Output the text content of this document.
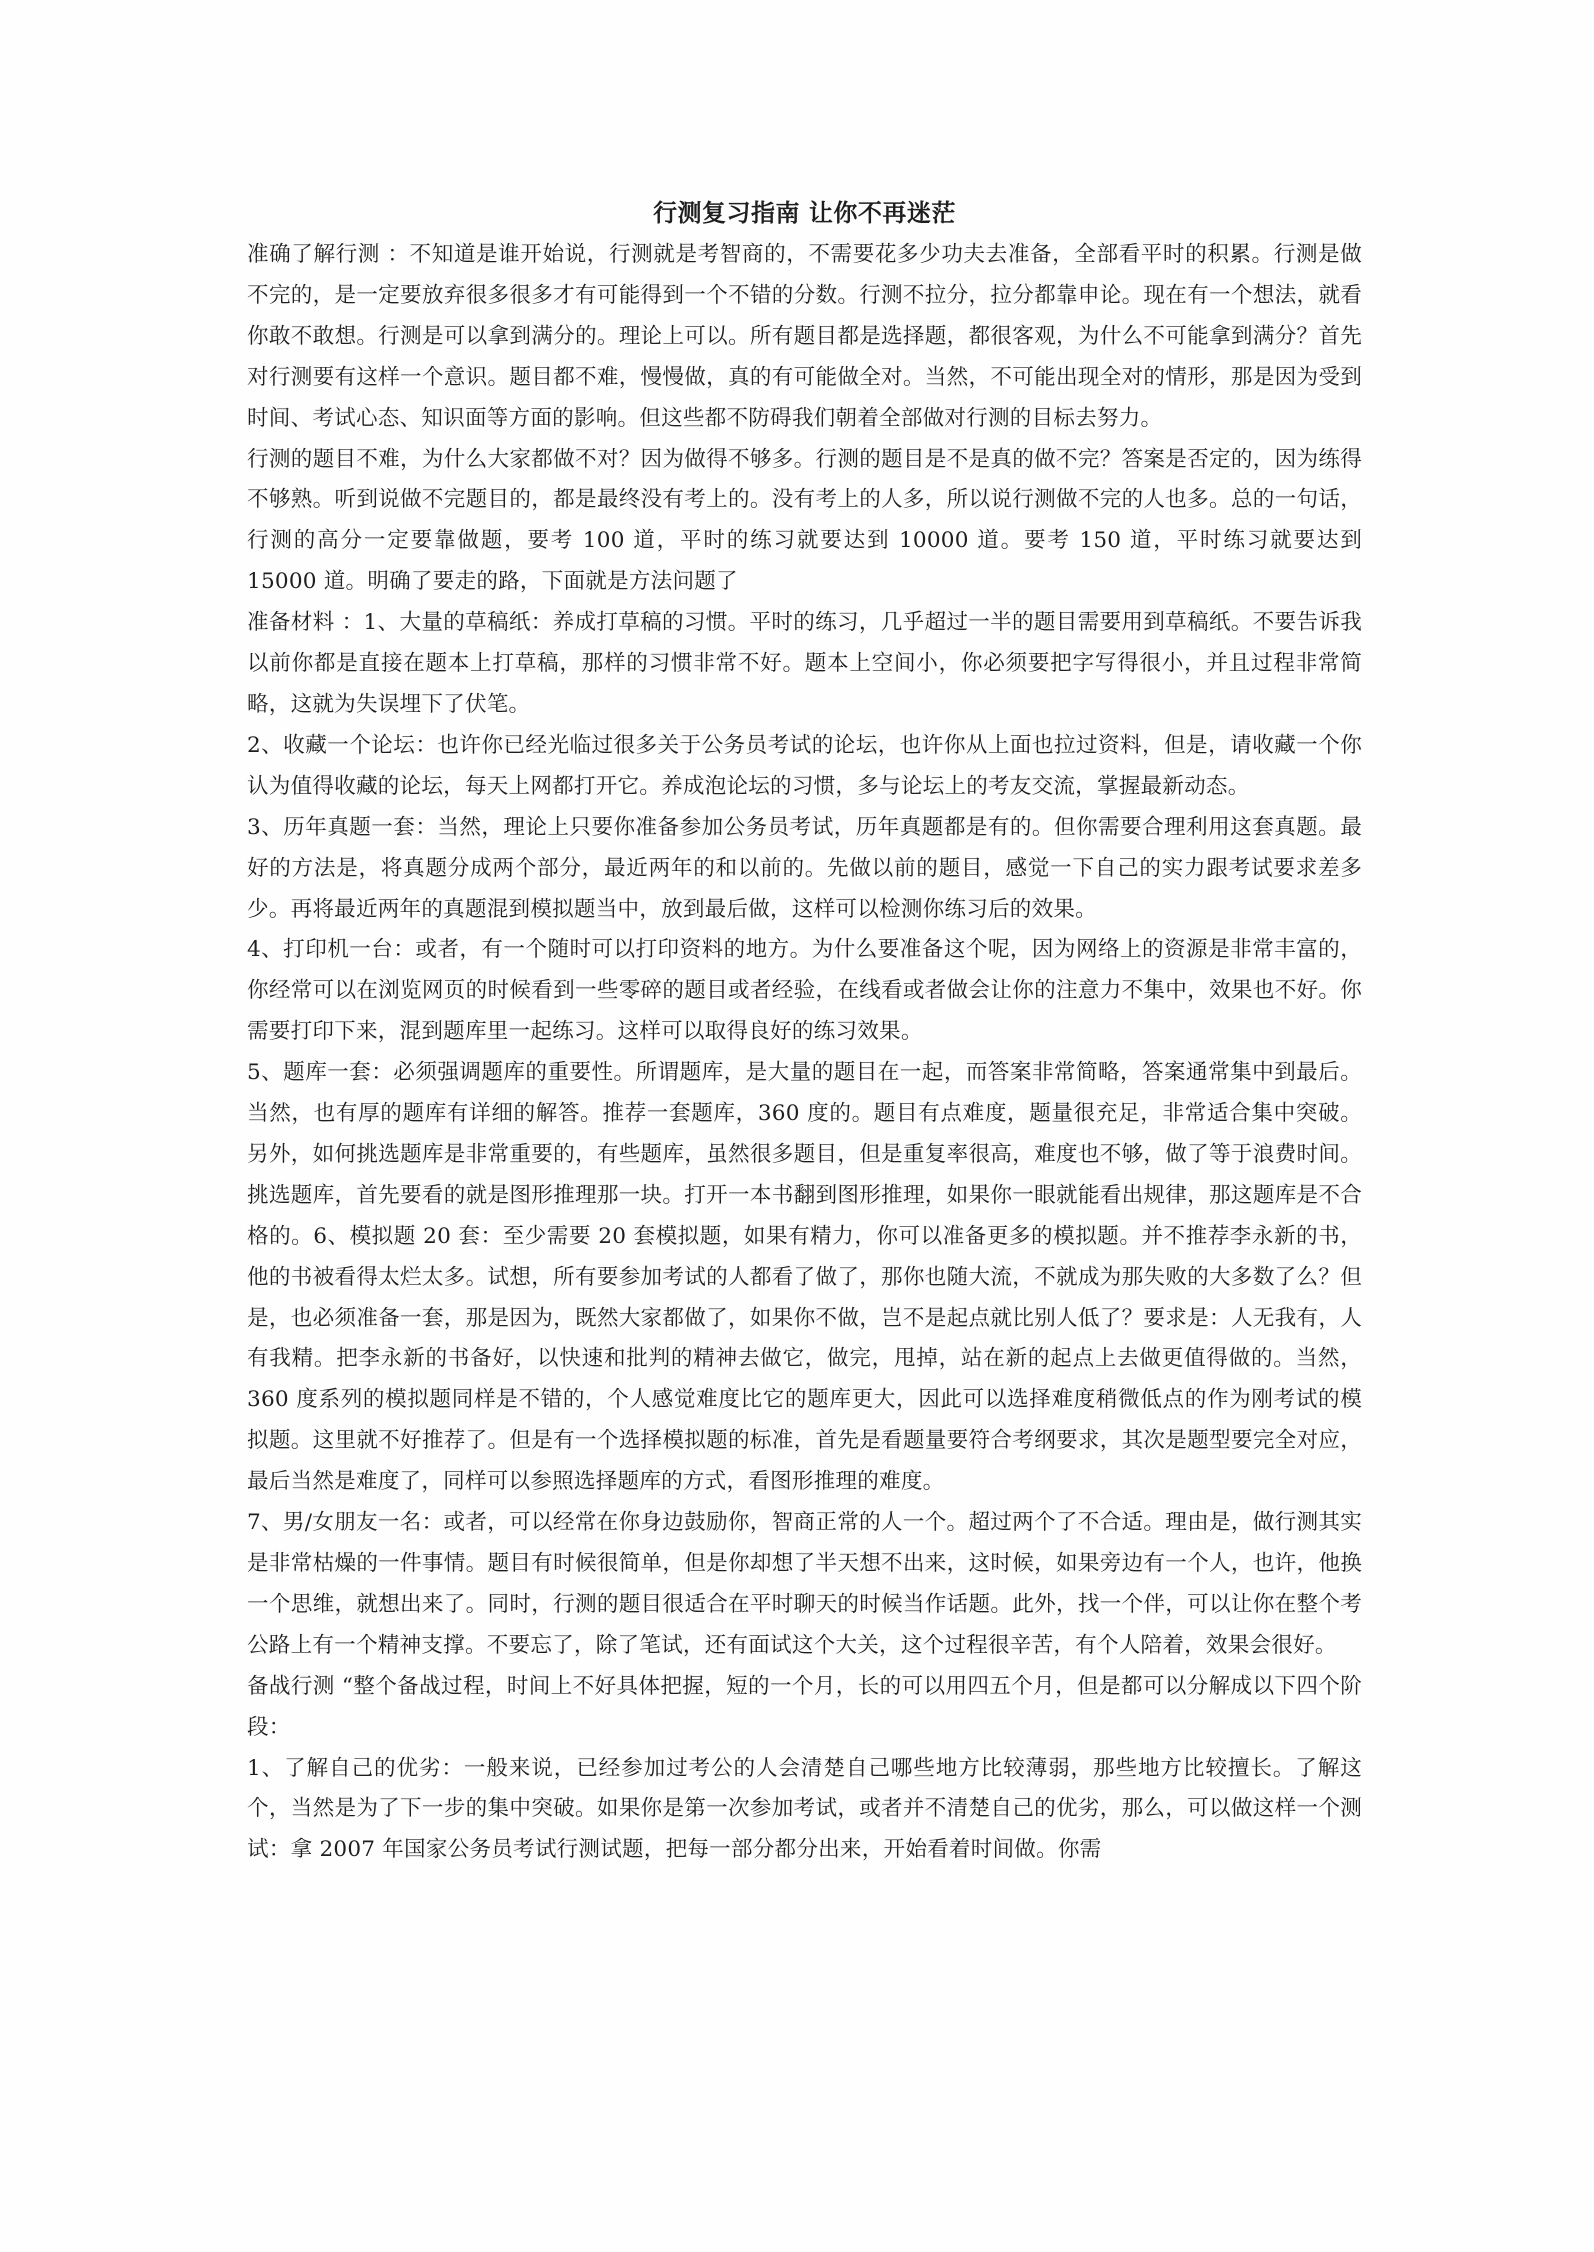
行测复习指南 让你不再迷茫

准确了解行测 ：不知道是谁开始说，行测就是考智商的，不需要花多少功夫去准备，全部看平时的积累。行测是做不完的，是一定要放弃很多很多才有可能得到一个不错的分数。行测不拉分，拉分都靠申论。现在有一个想法，就看你敢不敢想。行测是可以拿到满分的。理论上可以。所有题目都是选择题，都很客观，为什么不可能拿到满分？首先对行测要有这样一个意识。题目都不难，慢慢做，真的有可能做全对。当然，不可能出现全对的情形，那是因为受到时间、考试心态、知识面等方面的影响。但这些都不防碍我们朝着全部做对行测的目标去努力。

行测的题目不难，为什么大家都做不对？因为做得不够多。行测的题目是不是真的做不完？答案是否定的，因为练得不够熟。听到说做不完题目的，都是最终没有考上的。没有考上的人多，所以说行测做不完的人也多。总的一句话，行测的高分一定要靠做题，要考 100 道，平时的练习就要达到 10000 道。要考 150 道，平时练习就要达到 15000 道。明确了要走的路，下面就是方法问题了

准备材料 ：1、大量的草稿纸：养成打草稿的习惯。平时的练习，几乎超过一半的题目需要用到草稿纸。不要告诉我以前你都是直接在题本上打草稿，那样的习惯非常不好。题本上空间小，你必须要把字写得很小，并且过程非常简略，这就为失误埋下了伏笔。

2、收藏一个论坛：也许你已经光临过很多关于公务员考试的论坛，也许你从上面也拉过资料，但是，请收藏一个你认为值得收藏的论坛，每天上网都打开它。养成泡论坛的习惯，多与论坛上的考友交流，掌握最新动态。

3、历年真题一套：当然，理论上只要你准备参加公务员考试，历年真题都是有的。但你需要合理利用这套真题。最好的方法是，将真题分成两个部分，最近两年的和以前的。先做以前的题目，感觉一下自己的实力跟考试要求差多少。再将最近两年的真题混到模拟题当中，放到最后做，这样可以检测你练习后的效果。

4、打印机一台：或者，有一个随时可以打印资料的地方。为什么要准备这个呢，因为网络上的资源是非常丰富的，你经常可以在浏览网页的时候看到一些零碎的题目或者经验，在线看或者做会让你的注意力不集中，效果也不好。你需要打印下来，混到题库里一起练习。这样可以取得良好的练习效果。

5、题库一套：必须强调题库的重要性。所谓题库，是大量的题目在一起，而答案非常简略，答案通常集中到最后。当然，也有厚的题库有详细的解答。推荐一套题库，360 度的。题目有点难度，题量很充足，非常适合集中突破。另外，如何挑选题库是非常重要的，有些题库，虽然很多题目，但是重复率很高，难度也不够，做了等于浪费时间。挑选题库，首先要看的就是图形推理那一块。打开一本书翻到图形推理，如果你一眼就能看出规律，那这题库是不合格的。6、模拟题 20 套：至少需要 20 套模拟题，如果有精力，你可以准备更多的模拟题。并不推荐李永新的书，他的书被看得太烂太多。试想，所有要参加考试的人都看了做了，那你也随大流，不就成为那失败的大多数了么？但是，也必须准备一套，那是因为，既然大家都做了，如果你不做，岂不是起点就比别人低了？要求是：人无我有，人有我精。把李永新的书备好，以快速和批判的精神去做它，做完，甩掉，站在新的起点上去做更值得做的。当然，360 度系列的模拟题同样是不错的，个人感觉难度比它的题库更大，因此可以选择难度稍微低点的作为刚考试的模拟题。这里就不好推荐了。但是有一个选择模拟题的标准，首先是看题量要符合考纲要求，其次是题型要完全对应，最后当然是难度了，同样可以参照选择题库的方式，看图形推理的难度。

7、男/女朋友一名：或者，可以经常在你身边鼓励你，智商正常的人一个。超过两个了不合适。理由是，做行测其实是非常枯燥的一件事情。题目有时候很简单，但是你却想了半天想不出来，这时候，如果旁边有一个人，也许，他换一个思维，就想出来了。同时，行测的题目很适合在平时聊天的时候当作话题。此外，找一个伴，可以让你在整个考公路上有一个精神支撑。不要忘了，除了笔试，还有面试这个大关，这个过程很辛苦，有个人陪着，效果会很好。

备战行测 “整个备战过程，时间上不好具体把握，短的一个月，长的可以用四五个月，但是都可以分解成以下四个阶段：

1、了解自己的优劣：一般来说，已经参加过考公的人会清楚自己哪些地方比较薄弱，那些地方比较擅长。了解这个，当然是为了下一步的集中突破。如果你是第一次参加考试，或者并不清楚自己的优劣，那么，可以做这样一个测试：拿 2007 年国家公务员考试行测试题，把每一部分都分出来，开始看着时间做。你需
